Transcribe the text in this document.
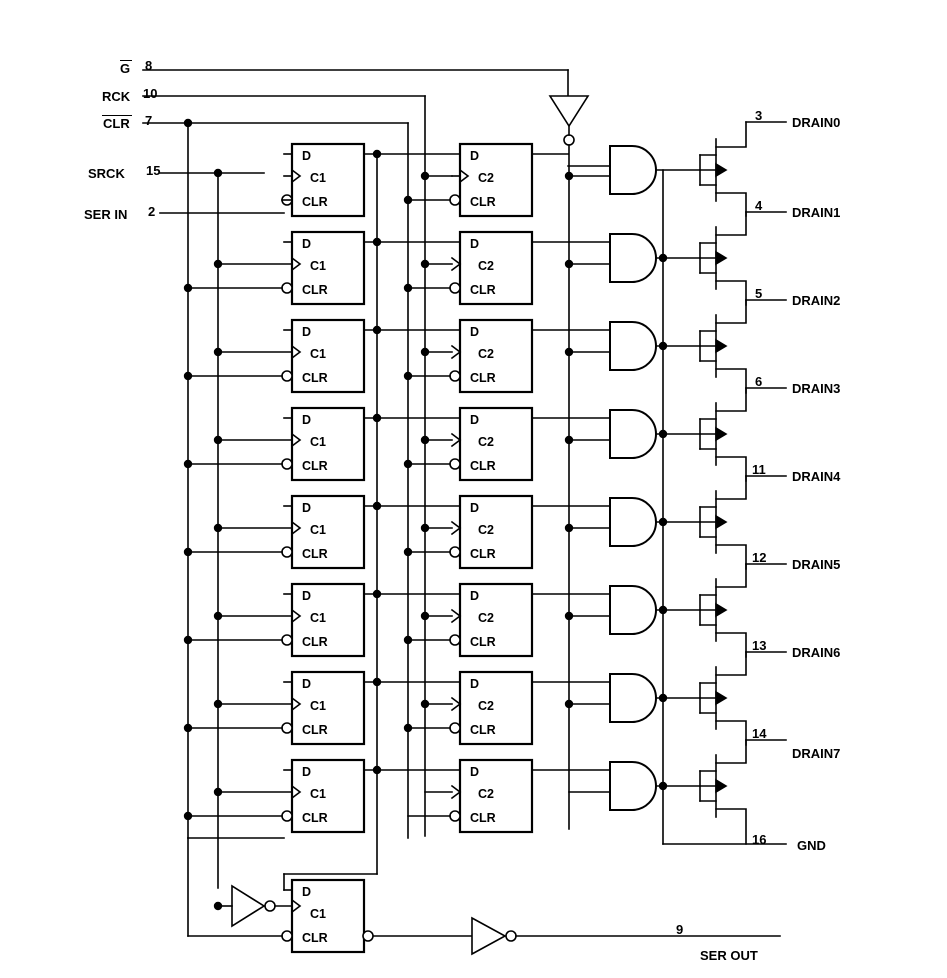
D
C1
CLR
D
C2
CLR
D
C1
CLR
D
C2
CLR
D
C1
CLR
D
C2
CLR
D
C1
CLR
D
C2
CLR
D
C1
CLR
D
C2
CLR
D
C1
CLR
D
C2
CLR
D
C1
CLR
D
C2
CLR
D
C1
CLR
D
C2
CLR
D
C1
CLR
G 8
RCK 10
CLR 7
SRCK 15
SER IN 2
3 DRAIN0
4 DRAIN1
5 DRAIN2
6 DRAIN3
11 DRAIN4
12 DRAIN5
13 DRAIN6
14
DRAIN7
16 GND
9
SER OUT
